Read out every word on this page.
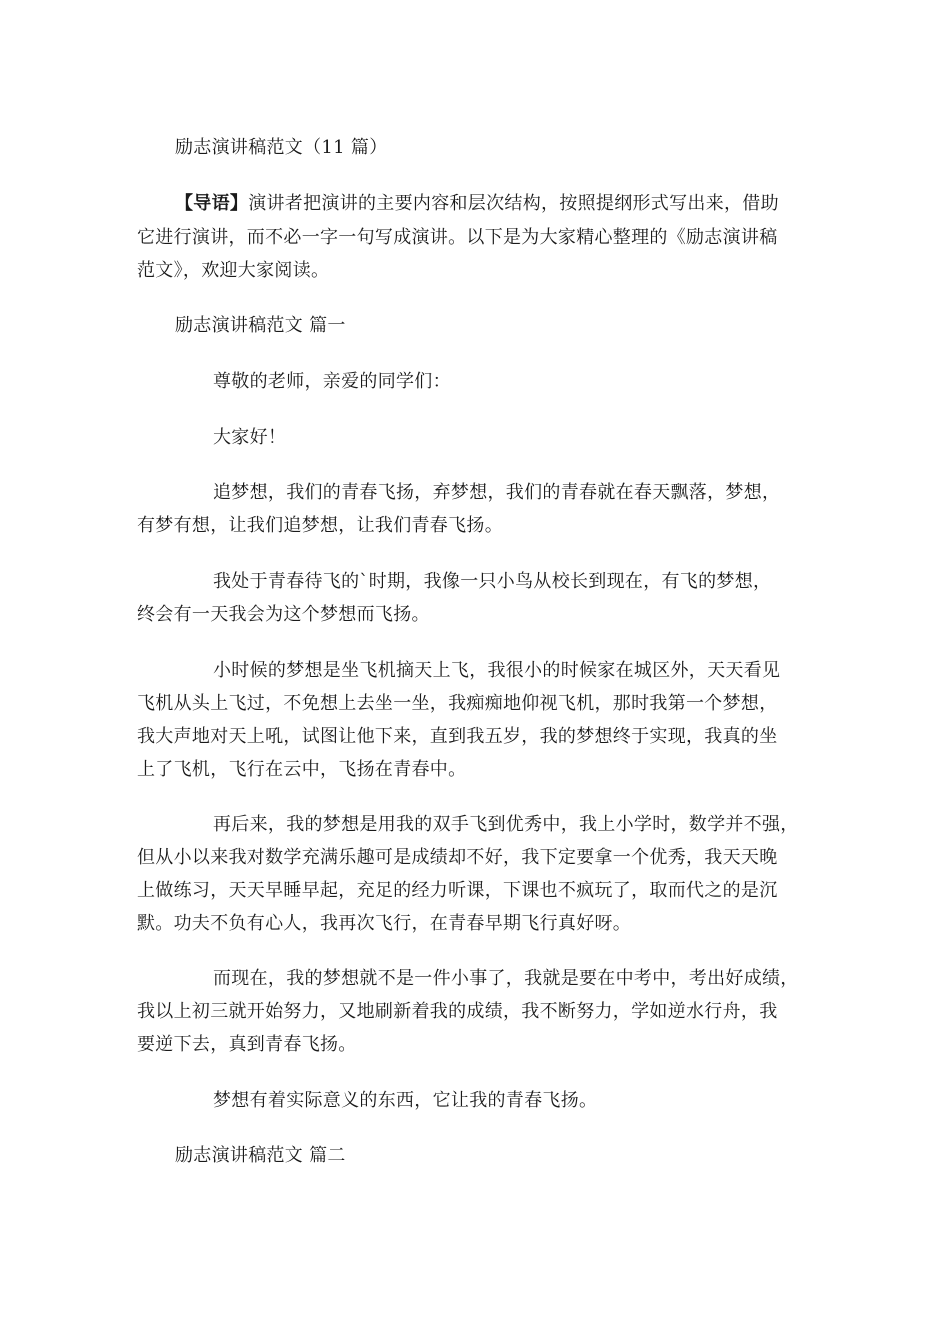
励志演讲稿范文（11 篇）
【导语】演讲者把演讲的主要内容和层次结构，按照提纲形式写出来，借助
它进行演讲，而不必一字一句写成演讲。以下是为大家精心整理的《励志演讲稿
范文》，欢迎大家阅读。
励志演讲稿范文 篇一
尊敬的老师，亲爱的同学们：
大家好！
追梦想，我们的青春飞扬，弃梦想，我们的青春就在春天飘落，梦想，
有梦有想，让我们追梦想，让我们青春飞扬。
我处于青春待飞的`时期，我像一只小鸟从校长到现在，有飞的梦想，
终会有一天我会为这个梦想而飞扬。
小时候的梦想是坐飞机摘天上飞，我很小的时候家在城区外，天天看见
飞机从头上飞过，不免想上去坐一坐，我痴痴地仰视飞机，那时我第一个梦想，
我大声地对天上吼，试图让他下来，直到我五岁，我的梦想终于实现，我真的坐
上了飞机，飞行在云中，飞扬在青春中。
再后来，我的梦想是用我的双手飞到优秀中，我上小学时，数学并不强，
但从小以来我对数学充满乐趣可是成绩却不好，我下定要拿一个优秀，我天天晚
上做练习，天天早睡早起，充足的经力听课，下课也不疯玩了，取而代之的是沉
默。功夫不负有心人，我再次飞行，在青春早期飞行真好呀。
而现在，我的梦想就不是一件小事了，我就是要在中考中，考出好成绩，
我以上初三就开始努力，又地刷新着我的成绩，我不断努力，学如逆水行舟，我
要逆下去，真到青春飞扬。
梦想有着实际意义的东西，它让我的青春飞扬。
励志演讲稿范文 篇二
